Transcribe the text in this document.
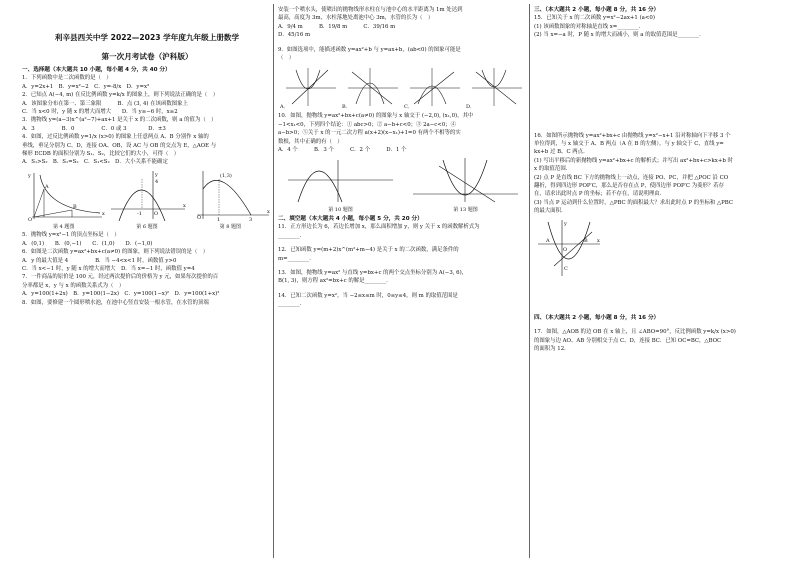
利辛县西关中学 2022—2023 学年度九年级上册数学

第一次月考试卷（沪科版）

一、选择题（本大题共 10 小题，每小题 4 分，共 40 分）
1．下列函数中是二次函数的是（　）
A．y=2x+1　B．y=x²−2　C．y=-8/x　D．y=x³
2．已知点 A(−4, m) 在反比例函数 y=k/x 的图象上，则下列说法正确的是（　）
A．该图象分布在第一、第三象限　　　B．点 (3, 4) 在该函数图象上
C．当 x<0 时，y 随 x 的增大而增大　　D．当 y≥−6 时，x≥2
3．抛物线 y=(a−3)x^(a²−7)+ax+1 是关于 x 的二次函数，则 a 的值为（　）
A．3　　　　　B．0　　　　　C．0 或 3　　　　D．±3
4．如图，过反比例函数 y=1/x (x>0) 的图象上任意两点 A、B 分别作 x 轴的
垂线，垂足分别为 C、D，连接 OA、OB，设 AC 与 OB 的交点为 E，△AOE 与
梯形 ECDB 的面积分别为 S₁、S₂，比较它们的大小，可得（　）
A．S₁>S₂　B．S₁=S₂　C．S₁<S₂　D．大小关系不能确定
y
x
O
A
B
y
x
O
-1
4
(1,3)
O	1	3
x
第 4 题图	第 6 题图	第 8 题图
5．抛物线 y=x²−1 的顶点坐标是（　）
A．(0,1)　　B．(0,−1)　　C．(1,0)　　D．(−1,0)
6．如图是二次函数 y=ax²+bx+c(a≠0) 的图象，则下列说法错误的是（　）
A．y 的最大值是 4　　　　　B．当 −4<x<1 时，函数值 y>0
C．当 x<−1 时，y 随 x 的增大而增大　D．当 x=−1 时，函数值 y=4
7．一件商品的原价是 100 元，经过两次提价后的价格为 y 元，如果每次提价的百
分率都是 x，y 与 x 的函数关系式为（　）
A．y=100(1+2x)　B．y=100(1−2x)　C．y=100(1−x)²　D．y=100(1+x)²
8．如图，要修建一个圆形喷水池，在池中心竖直安装一根水管，在水管的顶端
安装一个喷水头，使喷出的抛物线形水柱在与池中心的水平距离为 1m 处达到
最高，高度为 3m，水柱落地处离池中心 3m，水管的长为（　）
A．9/4 m　　　B．19/8 m　　　C．39/16 m
D．45/16 m
9．如图选项中，能描述函数 y=ax²+b 与 y=ax+b，(ab<0) 的图象可能是
（　）
A．	B．	C．	D．
10．如图，抛物线 y=ax²+bx+c(a≠0) 的图象与 x 轴交于 (−2,0), (x₁,0)，其中
−1<x₁<0，下列四个结论：① abc>0；② a−b+c<0；③ 2a−c<0；④
a−b>0；⑤关于 x 的一元二次方程 a(x+2)(x−x₁)+1=0 有两个不相等的实
数根，其中正确的有（　）
A．4 个　　　B．3 个　　　C．2 个　　　D．1 个
第 10 题图	第 13 题图
二、填空题（本大题共 4 小题，每小题 5 分，共 20 分）
11．正方形边长为 6，若边长增加 x，那么面积增加 y，则 y 关于 x 的函数解析式为
________．
12．已知函数 y=(m+2)x^(m²+m−4) 是关于 x 的二次函数，满足条件的
m=________．
13．如图，抛物线 y=ax² 与直线 y=bx+c 的两个交点坐标分别为 A(−3, 6)，
B(1, 3)，则方程 ax²=bx+c 的解是________．
14．已知二次函数 y=x²，当 −2≤x≤m 时，0≤y≤4，则 m 的取值范围是
________．
三、（本大题共 2 小题，每小题 8 分，共 16 分）
15．已知关于 x 的二次函数 y=x²−2ax+1 (a<0)
(1) 该函数图象的对称轴是直线 x=________．
(2) 当 x=−a 时，P 随 x 的增大而减小，则 a 的取值范围是________．
16．如图所示抛物线 y=ax²+bx+c 由抛物线 y=x²−x+1 沿对称轴向下平移 3 个
单位得到，与 x 轴交于 A、B 两点（A 在 B 的左侧），与 y 轴交于 C，直线 y=
kx+b 过 B、C 两点．
(1) 写出平移后的新抛物线 y=ax²+bx+c 的解析式；并写出 ax²+bx+c>kx+b 时
x 的取值范围．
(2) 点 P 是直线 BC 下方的抛物线上一动点，连接 PO、PC，并把 △POC 沿 CO
翻折，得到四边形 POP′C，那么是否存在点 P，使四边形 POP′C 为菱形？若存
在，请求出此时点 P 的坐标；若不存在，请说明理由．
(3) 当点 P 运动到什么位置时，△PBC 的面积最大？求出此时点 P 的坐标和 △PBC
的最大面积．
y
x
O
A	B
C
四、（本大题共 2 小题，每小题 8 分，共 16 分）
17．如图，△AOB 的边 OB 在 x 轴上，且 ∠ABO=90°，反比例函数 y=k/x (x>0)
的图象与边 AO、AB 分别相交于点 C、D，连接 BC．已知 OC=BC，△BOC
的面积为 12．
